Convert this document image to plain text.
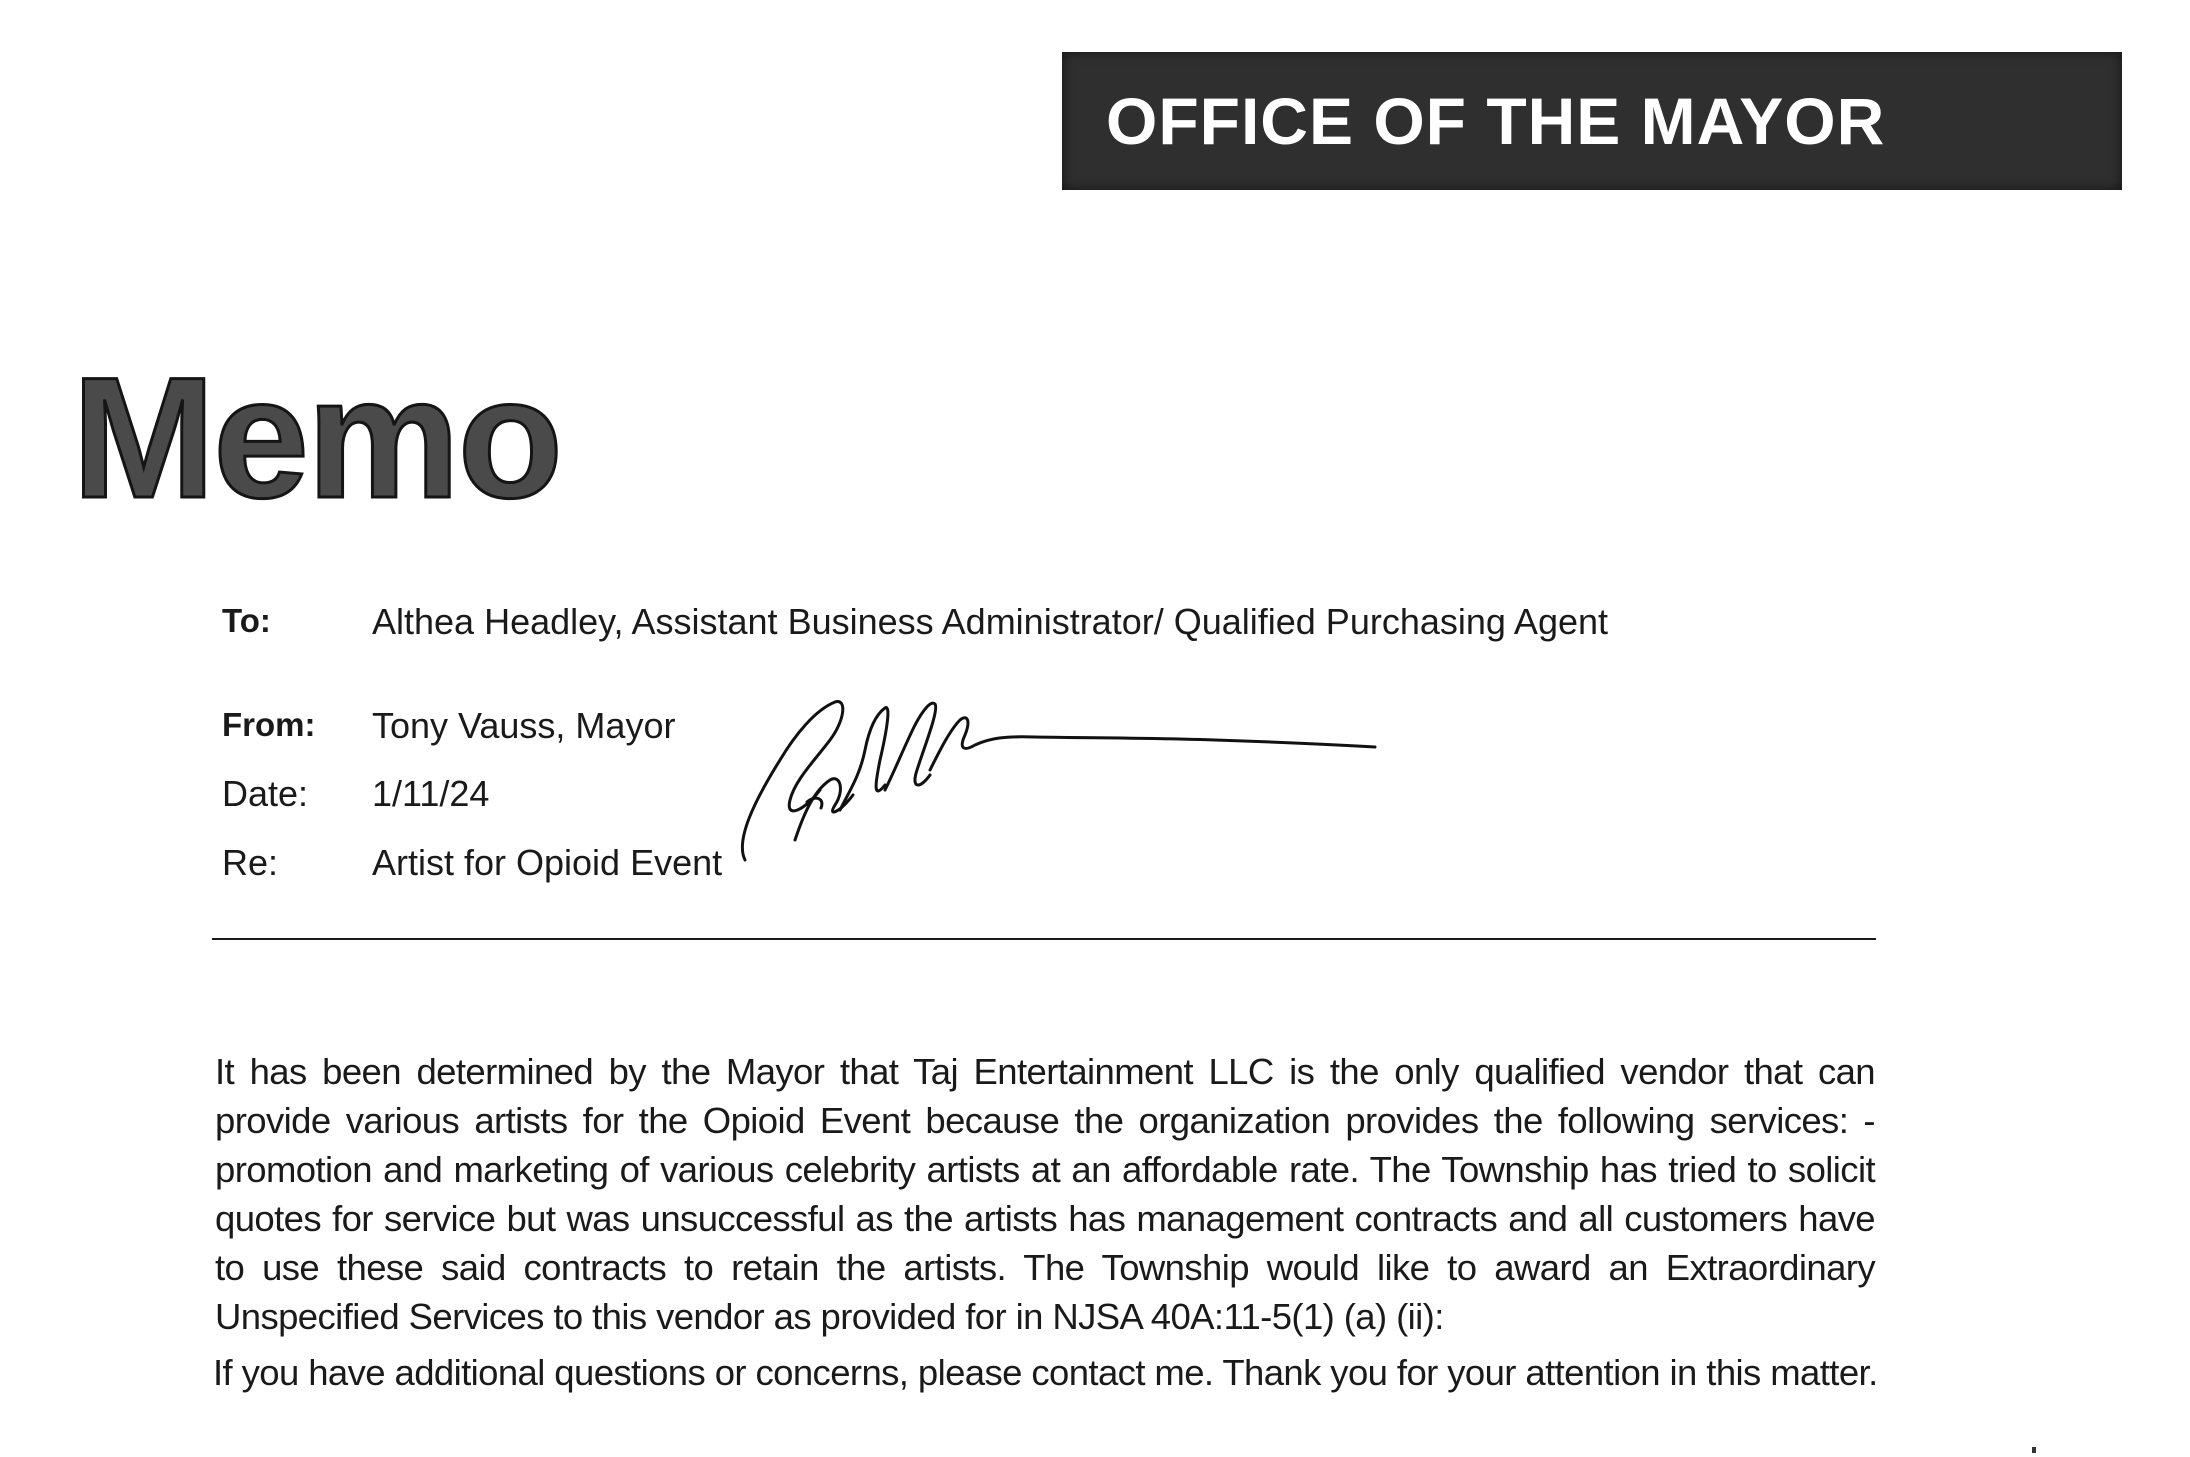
OFFICE OF THE MAYOR
Memo
To:	Althea Headley, Assistant Business Administrator/ Qualified Purchasing Agent
From: Tony Vauss, Mayor
Date: 1/11/24
Re:	Artist for Opioid Event

It has been determined by the Mayor that Taj Entertainment LLC is the only qualified vendor that can provide various artists for the Opioid Event because the organization provides the following services: - promotion and marketing of various celebrity artists at an affordable rate. The Township has tried to solicit quotes for service but was unsuccessful as the artists has management contracts and all customers have to use these said contracts to retain the artists. The Township would like to award an Extraordinary Unspecified Services to this vendor as provided for in NJSA 40A:11-5(1) (a) (ii):

If you have additional questions or concerns, please contact me. Thank you for your attention in this matter.
